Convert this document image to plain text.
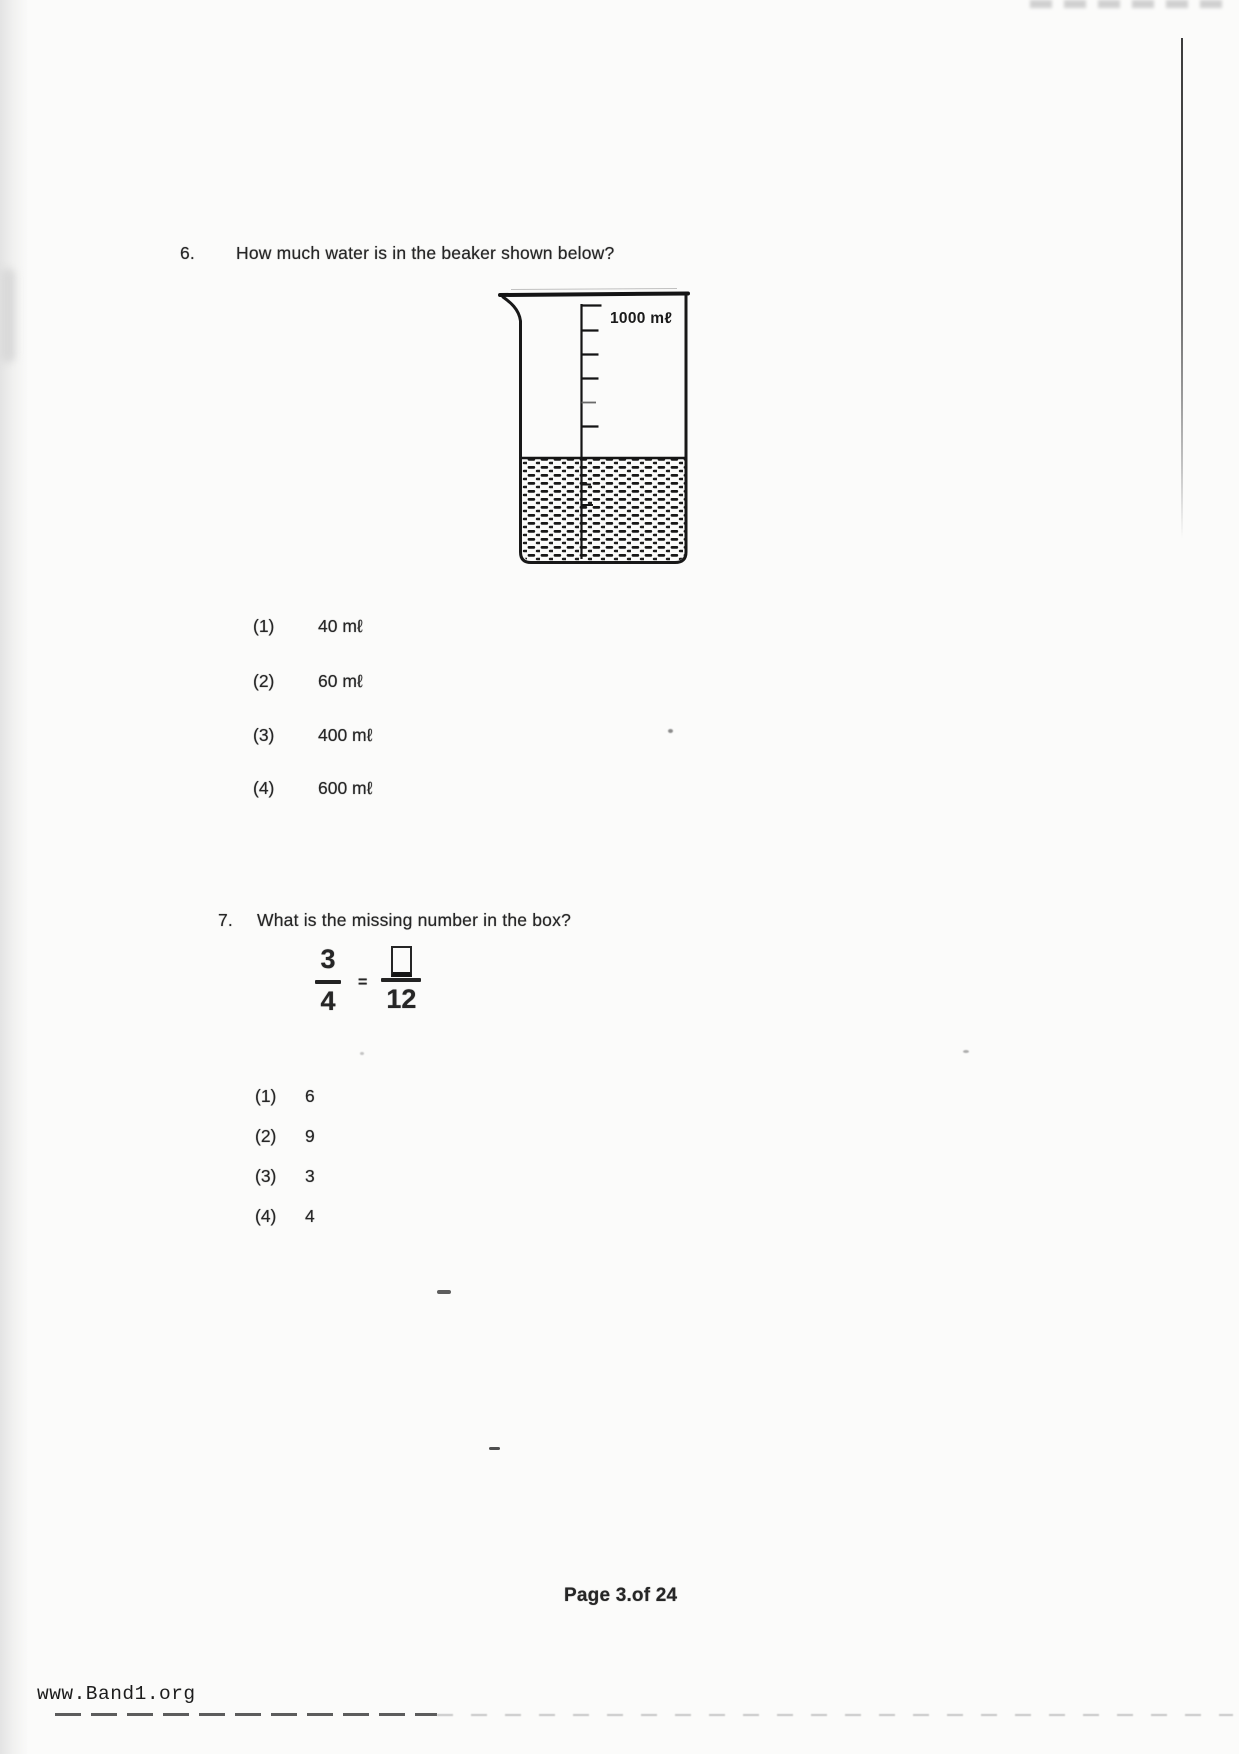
6. How much water is in the beaker shown below?
1000 mℓ
(1) 40 mℓ
(2) 60 mℓ
(3) 400 mℓ
(4) 600 mℓ
7. What is the missing number in the box?
$\frac{3}{4}$ =
12
(1) 6
(2) 9
(3) 3
(4) 4
Page 3.of 24
www.Band1.org
